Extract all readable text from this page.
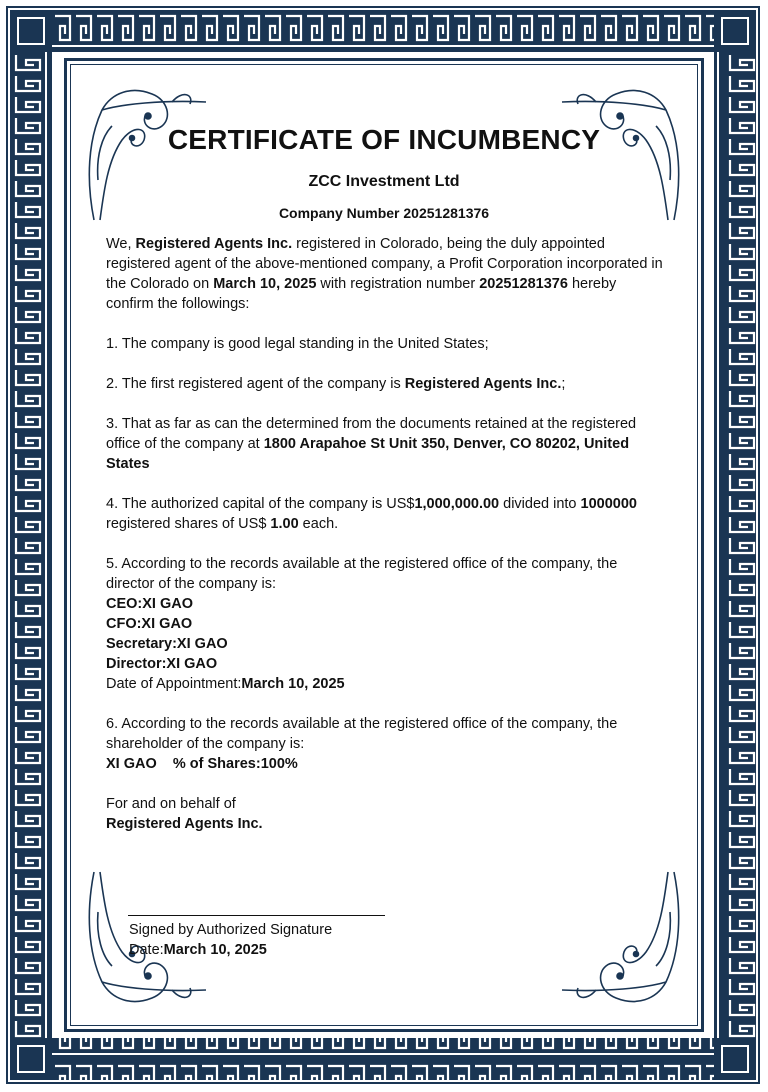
CERTIFICATE OF INCUMBENCY
ZCC Investment Ltd
Company Number 20251281376

We, Registered Agents Inc. registered in Colorado, being the duly appointed registered agent of the above-mentioned company, a Profit Corporation incorporated in the Colorado on March 10, 2025 with registration number 20251281376 hereby confirm the followings:

1. The company is good legal standing in the United States;

2. The first registered agent of the company is Registered Agents Inc.;

3. That as far as can the determined from the documents retained at the registered office of the company at 1800 Arapahoe St Unit 350, Denver, CO 80202, United States

4. The authorized capital of the company is US$1,000,000.00 divided into 1000000 registered shares of US$ 1.00 each.

5. According to the records available at the registered office of the company, the director of the company is:

CEO:XI GAO

CFO:XI GAO

Secretary:XI GAO

Director:XI GAO

Date of Appointment:March 10, 2025

6. According to the records available at the registered office of the company, the shareholder of the company is:

XI GAO    % of Shares:100%

For and on behalf of

Registered Agents Inc.

Signed by Authorized Signature
Date:March 10, 2025
